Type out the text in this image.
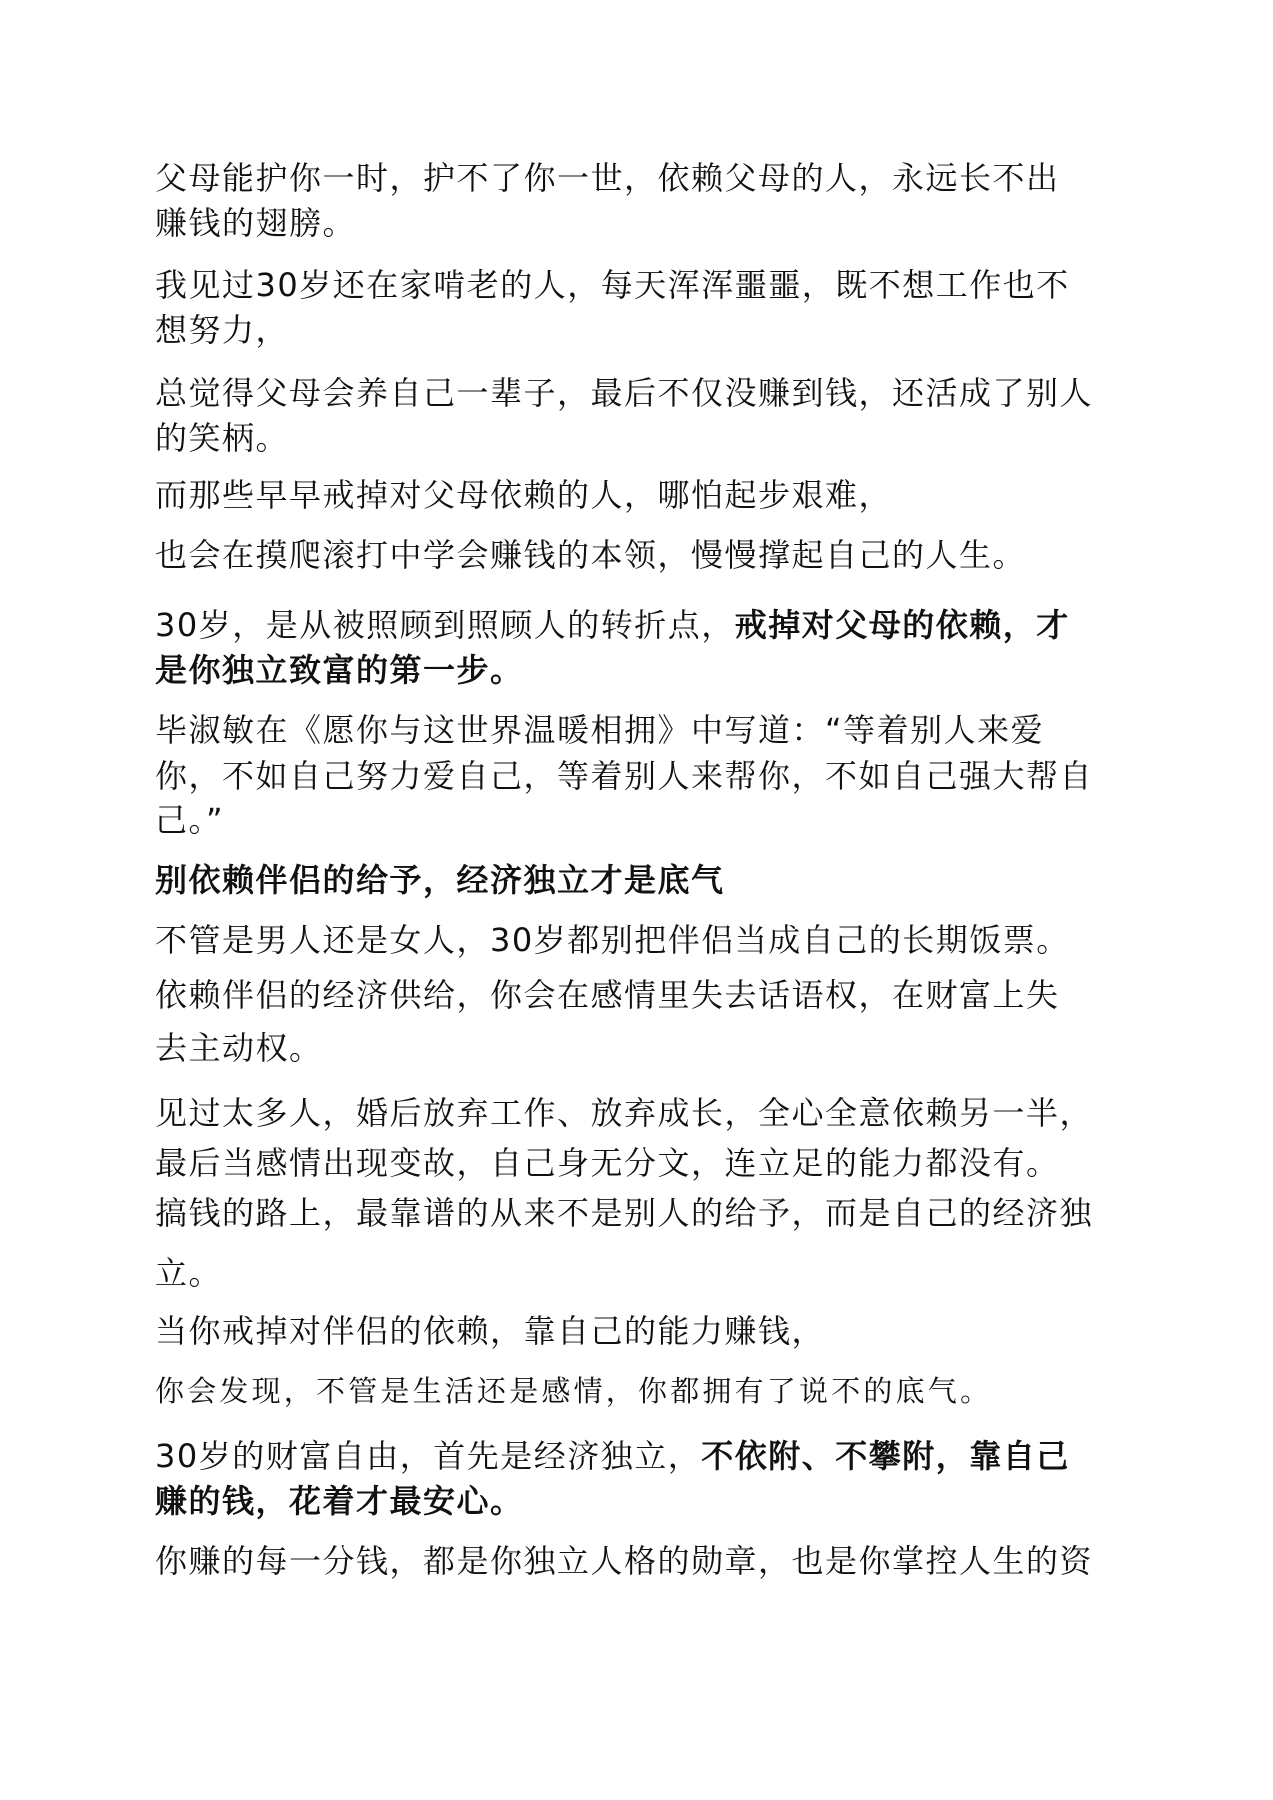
父母能护你一时，护不了你一世，依赖父母的人，永远长不出
赚钱的翅膀。
我见过30岁还在家啃老的人，每天浑浑噩噩，既不想工作也不
想努力，
总觉得父母会养自己一辈子，最后不仅没赚到钱，还活成了别人
的笑柄。
而那些早早戒掉对父母依赖的人，哪怕起步艰难，
也会在摸爬滚打中学会赚钱的本领，慢慢撑起自己的人生。
30岁，是从被照顾到照顾人的转折点，戒掉对父母的依赖，才
是你独立致富的第一步。
毕淑敏在《愿你与这世界温暖相拥》中写道：“等着别人来爱
你，不如自己努力爱自己，等着别人来帮你，不如自己强大帮自
己。”
别依赖伴侣的给予，经济独立才是底气
不管是男人还是女人，30岁都别把伴侣当成自己的长期饭票。
依赖伴侣的经济供给，你会在感情里失去话语权，在财富上失
去主动权。
见过太多人，婚后放弃工作、放弃成长，全心全意依赖另一半，
最后当感情出现变故，自己身无分文，连立足的能力都没有。
搞钱的路上，最靠谱的从来不是别人的给予，而是自己的经济独
立。
当你戒掉对伴侣的依赖，靠自己的能力赚钱，
你会发现，不管是生活还是感情，你都拥有了说不的底气。
30岁的财富自由，首先是经济独立，不依附、不攀附，靠自己
赚的钱，花着才最安心。
你赚的每一分钱，都是你独立人格的勋章，也是你掌控人生的资
